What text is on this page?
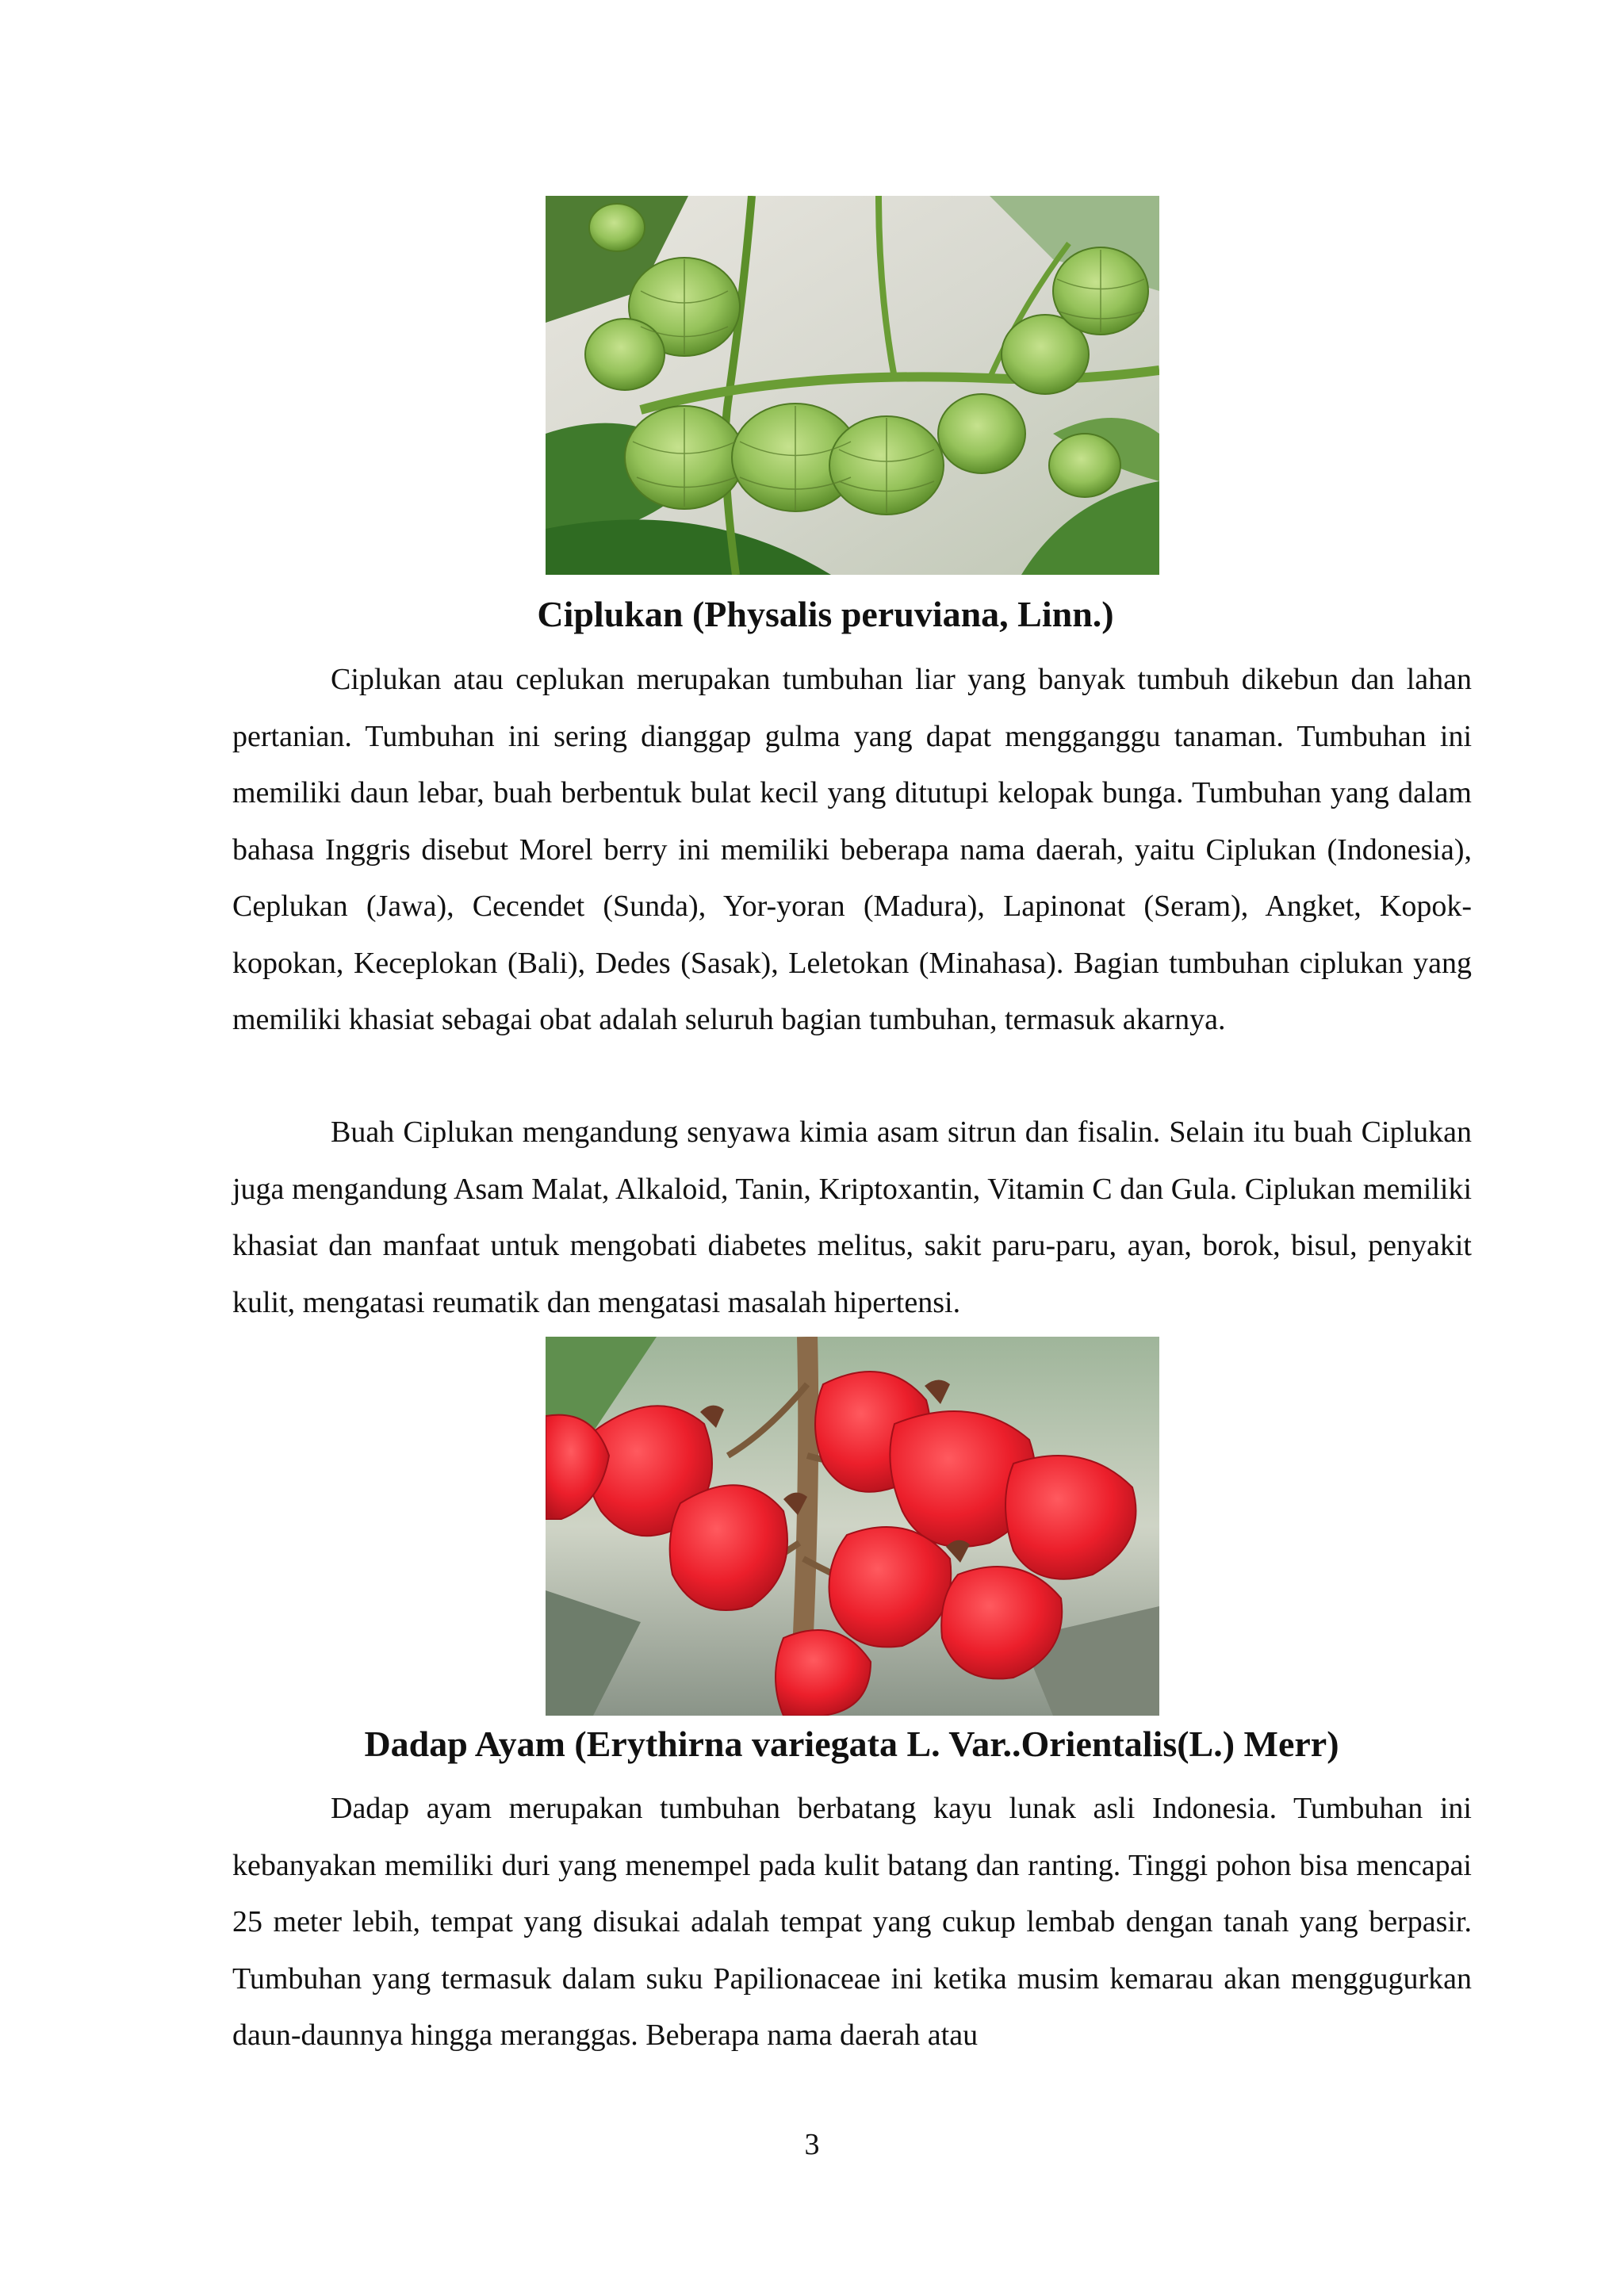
Ciplukan (Physalis peruviana, Linn.)

Ciplukan atau ceplukan merupakan tumbuhan liar yang banyak tumbuh dikebun dan lahan pertanian. Tumbuhan ini sering dianggap gulma yang dapat mengganggu tanaman. Tumbuhan ini memiliki daun lebar, buah berbentuk bulat kecil yang ditutupi kelopak bunga. Tumbuhan yang dalam bahasa Inggris disebut Morel berry ini memiliki beberapa nama daerah, yaitu Ciplukan (Indonesia), Ceplukan (Jawa), Cecendet (Sunda), Yor-yoran (Madura), Lapinonat (Seram), Angket, Kopok-kopokan, Keceplokan (Bali), Dedes (Sasak), Leletokan (Minahasa). Bagian tumbuhan ciplukan yang memiliki khasiat sebagai obat adalah seluruh bagian tumbuhan, termasuk akarnya.

Buah Ciplukan mengandung senyawa kimia asam sitrun dan fisalin. Selain itu buah Ciplukan juga mengandung Asam Malat, Alkaloid, Tanin, Kriptoxantin, Vitamin C dan Gula. Ciplukan memiliki khasiat dan manfaat untuk mengobati diabetes melitus, sakit paru-paru, ayan, borok, bisul, penyakit kulit, mengatasi reumatik dan mengatasi masalah hipertensi.

Dadap Ayam (Erythirna variegata L. Var..Orientalis(L.) Merr)

Dadap ayam merupakan tumbuhan berbatang kayu lunak asli Indonesia. Tumbuhan ini kebanyakan memiliki duri yang menempel pada kulit batang dan ranting. Tinggi pohon bisa mencapai 25 meter lebih, tempat yang disukai adalah tempat yang cukup lembab dengan tanah yang berpasir. Tumbuhan yang termasuk dalam suku Papilionaceae ini ketika musim kemarau akan menggugurkan daun-daunnya hingga meranggas. Beberapa nama daerah atau

3
